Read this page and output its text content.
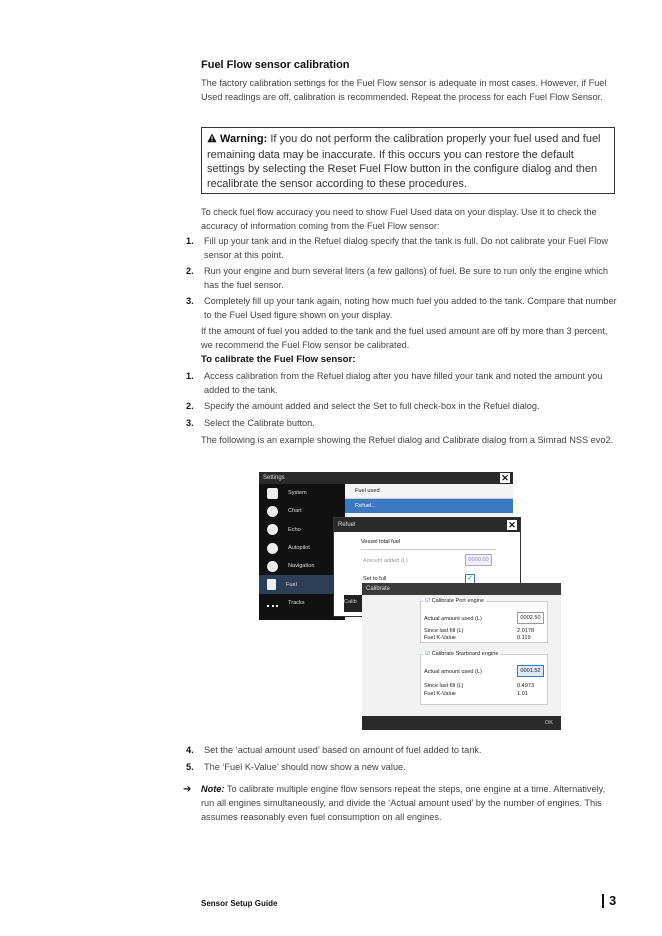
Fuel Flow sensor calibration
The factory calibration settings for the Fuel Flow sensor is adequate in most cases. However, if Fuel Used readings are off, calibration is recommended. Repeat the process for each Fuel Flow Sensor.
Warning: If you do not perform the calibration properly your fuel used and fuel remaining data may be inaccurate. If this occurs you can restore the default settings by selecting the Reset Fuel Flow button in the configure dialog and then recalibrate the sensor according to these procedures.
To check fuel flow accuracy you need to show Fuel Used data on your display. Use it to check the accuracy of information coming from the Fuel Flow sensor:
1. Fill up your tank and in the Refuel dialog specify that the tank is full. Do not calibrate your Fuel Flow sensor at this point.
2. Run your engine and burn several liters (a few gallons) of fuel. Be sure to run only the engine which has the fuel sensor.
3. Completely fill up your tank again, noting how much fuel you added to the tank. Compare that number to the Fuel Used figure shown on your display.
If the amount of fuel you added to the tank and the fuel used amount are off by more than 3 percent, we recommend the Fuel Flow sensor be calibrated.
To calibrate the Fuel Flow sensor:
1. Access calibration from the Refuel dialog after you have filled your tank and noted the amount you added to the tank.
2. Specify the amount added and select the Set to full check-box in the Refuel dialog.
3. Select the Calibrate button.
The following is an example showing the Refuel dialog and Calibrate dialog from a Simrad NSS evo2.
Settings	✕
System
Chart
Echo
Autopilot
Navigation
Fuel
Tracks
Fuel used
Refuel...
Refuel	✕
Vessel total fuel
Amount added (L)	0000.00
Set to full	✓
Calib
Calibrate
☑ Calibrate Port engine
Actual amount used (L)	0002.50
Since last fill (L)	2.0178
Fuel K-Value	0.119
☑ Calibrate Starboard engine
Actual amount used (L)	0001.52
Since last fill (L)	0.4973
Fuel K-Value	1.01
OK
4. Set the ‘actual amount used’ based on amount of fuel added to tank.
5. The ‘Fuel K-Value’ should now show a new value.
➔ Note: To calibrate multiple engine flow sensors repeat the steps, one engine at a time. Alternatively, run all engines simultaneously, and divide the ‘Actual amount used’ by the number of engines. This assumes reasonably even fuel consumption on all engines.
Sensor Setup Guide	3
